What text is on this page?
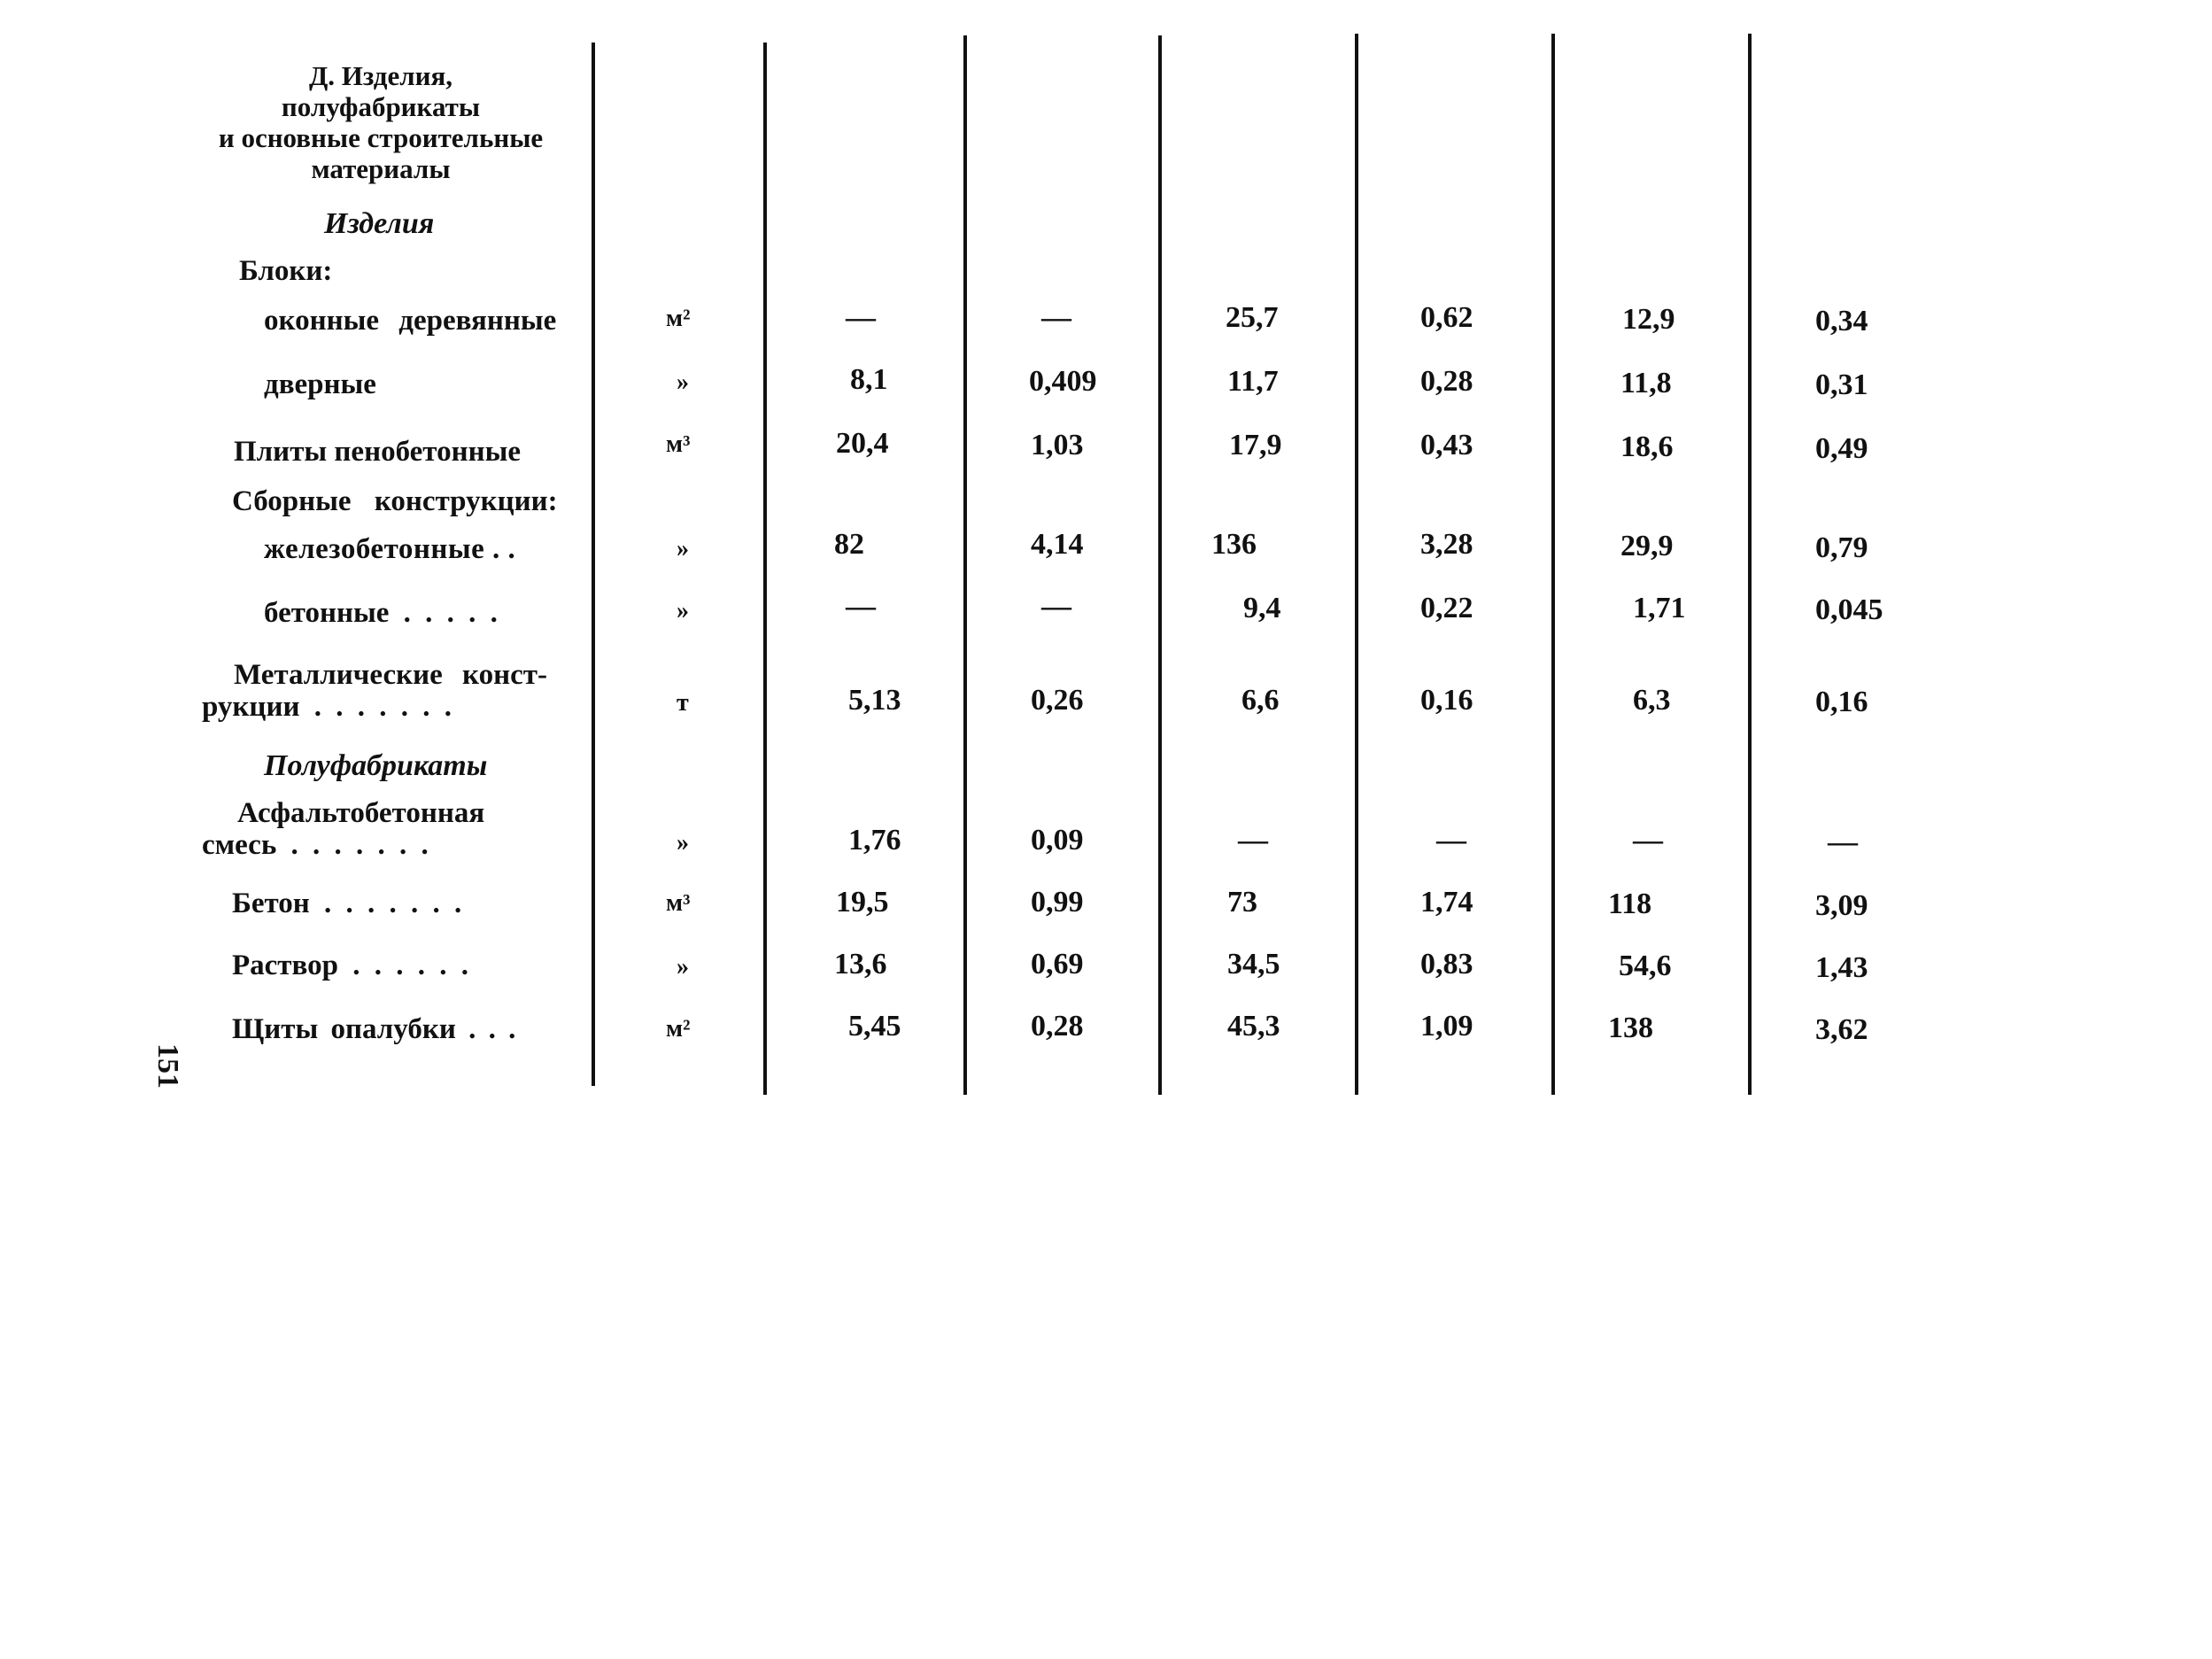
Д. Изделия,
полуфабрикаты
и основные строительные
материалы
Изделия
Блоки:
оконные деревянные	м²	—	—	25,7	0,62	12,9	0,34
дверные	»	8,1	0,409	11,7	0,28	11,8	0,31
Плиты пенобетонные	м³	20,4	1,03	17,9	0,43	18,6	0,49
Сборные конструкции:
железобетонные . .	»	82	4,14	136	3,28	29,9	0,79
бетонные . . . . .	»	—	—	9,4	0,22	1,71	0,045
Металлические конст-
рукции . . . . . . .	т	5,13	0,26	6,6	0,16	6,3	0,16
Полуфабрикаты
Асфальтобетонная
смесь . . . . . . .	»	1,76	0,09	—	—	—	—
Бетон . . . . . . .	м³	19,5	0,99	73	1,74	118	3,09
Раствор . . . . . .	»	13,6	0,69	34,5	0,83	54,6	1,43
Щиты опалубки . . .	м²	5,45	0,28	45,3	1,09	138	3,62
151
